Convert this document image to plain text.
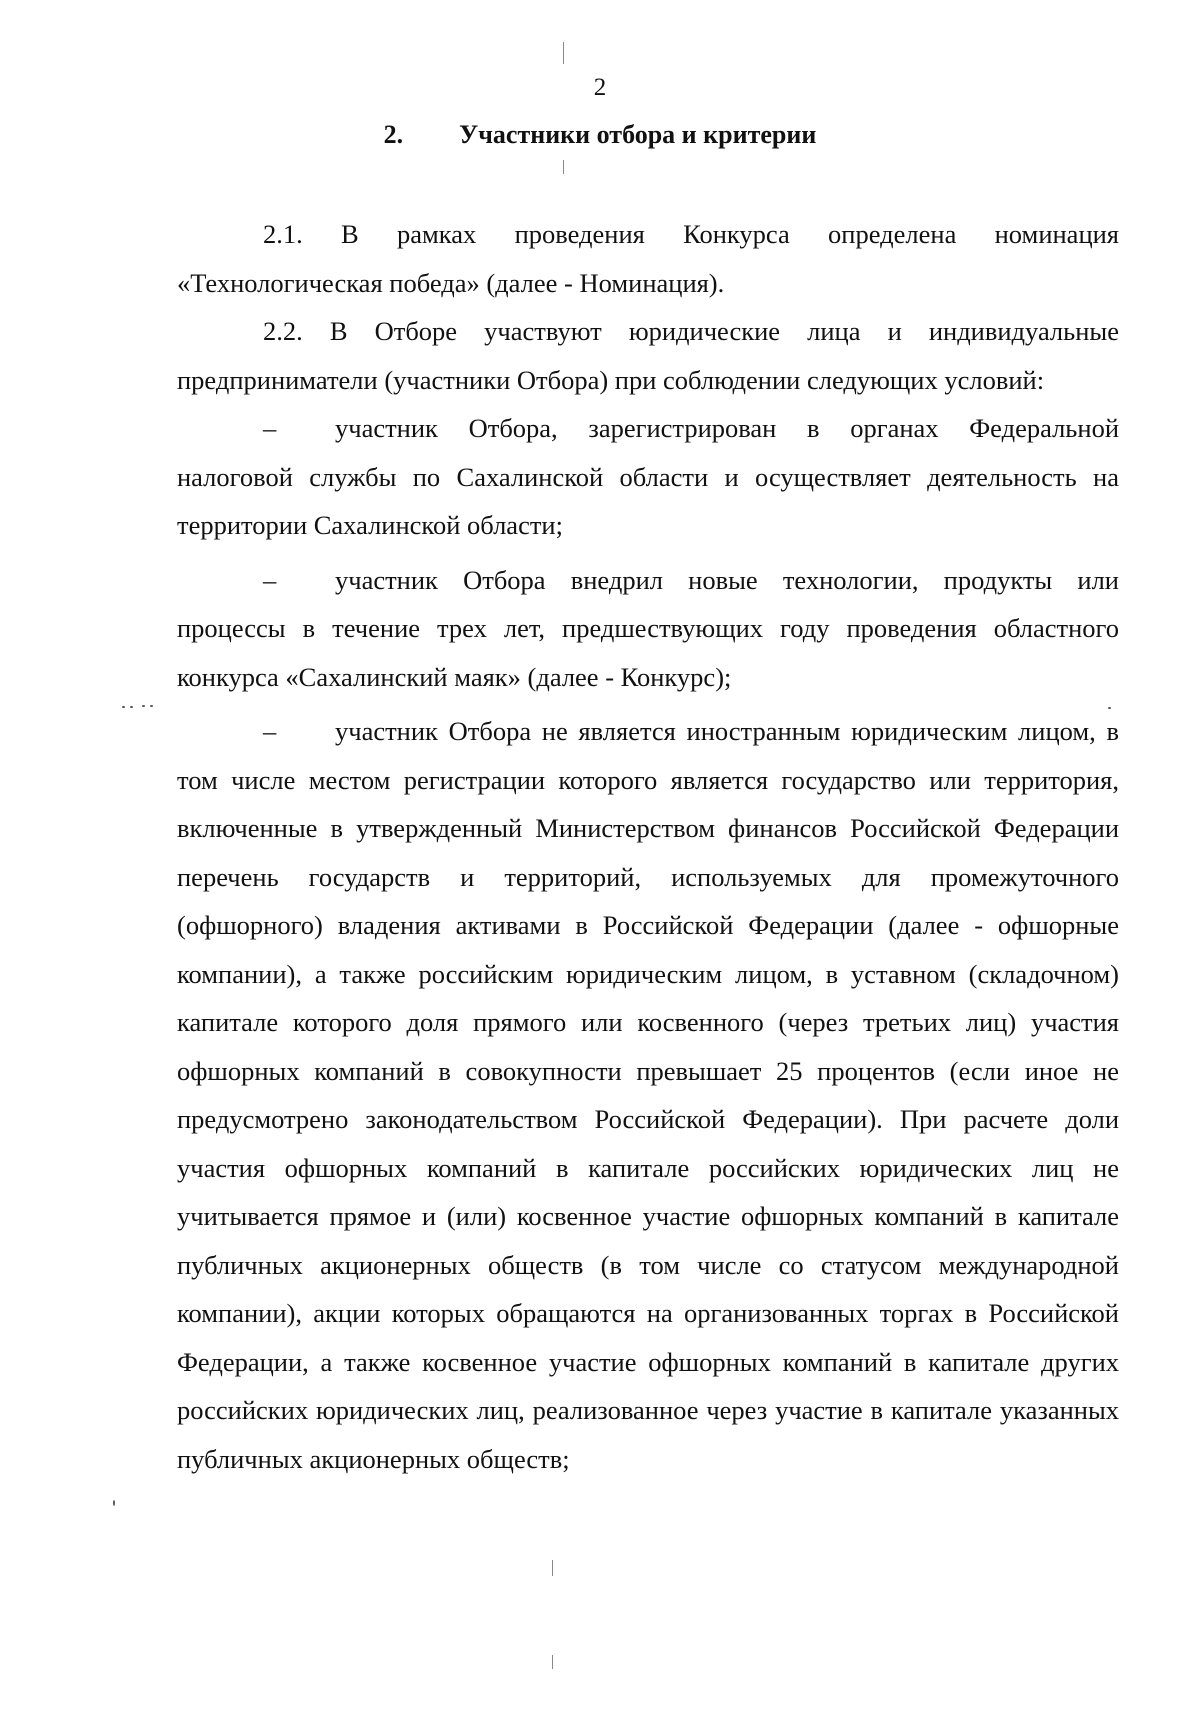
2
2. Участники отбора и критерии

2.1. В рамках проведения Конкурса определена номинация «Технологическая победа» (далее - Номинация).

2.2. В Отборе участвуют юридические лица и индивидуальные предприниматели (участники Отбора) при соблюдении следующих условий:

– участник Отбора, зарегистрирован в органах Федеральной налоговой службы по Сахалинской области и осуществляет деятельность на территории Сахалинской области;

– участник Отбора внедрил новые технологии, продукты или процессы в течение трех лет, предшествующих году проведения областного конкурса «Сахалинский маяк» (далее - Конкурс);

– участник Отбора не является иностранным юридическим лицом, в том числе местом регистрации которого является государство или территория, включенные в утвержденный Министерством финансов Российской Федерации перечень государств и территорий, используемых для промежуточного (офшорного) владения активами в Российской Федерации (далее - офшорные компании), а также российским юридическим лицом, в уставном (складочном) капитале которого доля прямого или косвенного (через третьих лиц) участия офшорных компаний в совокупности превышает 25 процентов (если иное не предусмотрено законодательством Российской Федерации). При расчете доли участия офшорных компаний в капитале российских юридических лиц не учитывается прямое и (или) косвенное участие офшорных компаний в капитале публичных акционерных обществ (в том числе со статусом международной компании), акции которых обращаются на организованных торгах в Российской Федерации, а также косвенное участие офшорных компаний в капитале других российских юридических лиц, реализованное через участие в капитале указанных публичных акционерных обществ;
